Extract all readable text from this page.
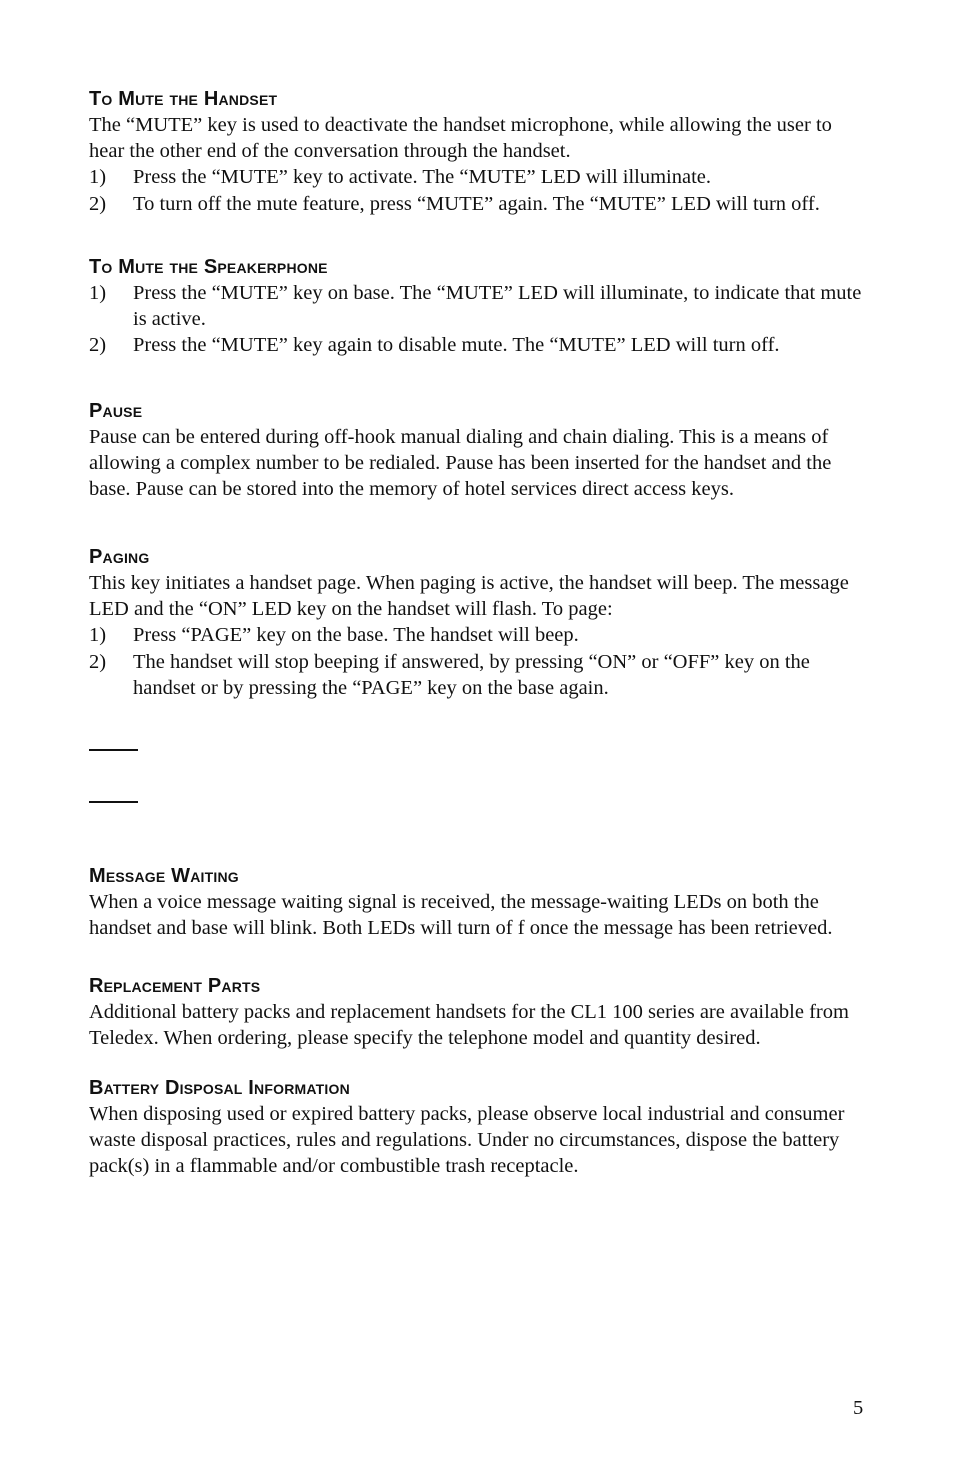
To Mute the Handset

The “MUTE” key is used to deactivate the handset microphone, while allowing the user to hear the other end of the conversation through the handset.

1) Press the “MUTE” key to activate. The “MUTE” LED will illuminate.
2) To turn off the mute feature, press “MUTE” again. The “MUTE” LED will turn off.
To Mute the Speakerphone
1) Press the “MUTE” key on base. The “MUTE” LED will illuminate, to indicate that mute is active.
2) Press the “MUTE” key again to disable mute. The “MUTE” LED will turn off.
Pause

Pause can be entered during off-hook manual dialing and chain dialing. This is a means of allowing a complex number to be redialed. Pause has been inserted for the handset and the base. Pause can be stored into the memory of hotel services direct access keys.

Paging

This key initiates a handset page. When paging is active, the handset will beep. The message LED and the “ON” LED key on the handset will flash. To page:

1) Press “PAGE” key on the base. The handset will beep.
2) The handset will stop beeping if answered, by pressing “ON” or “OFF” key on the handset or by pressing the “PAGE” key on the base again.
Message Waiting

When a voice message waiting signal is received, the message-waiting LEDs on both the handset and base will blink. Both LEDs will turn of f once the message has been retrieved.

Replacement Parts

Additional battery packs and replacement handsets for the CL1 100 series are available from Teledex. When ordering, please specify the telephone model and quantity desired.

Battery Disposal Information

When disposing used or expired battery packs, please observe local industrial and consumer waste disposal practices, rules and regulations. Under no circumstances, dispose the battery pack(s) in a flammable and/or combustible trash receptacle.

5
